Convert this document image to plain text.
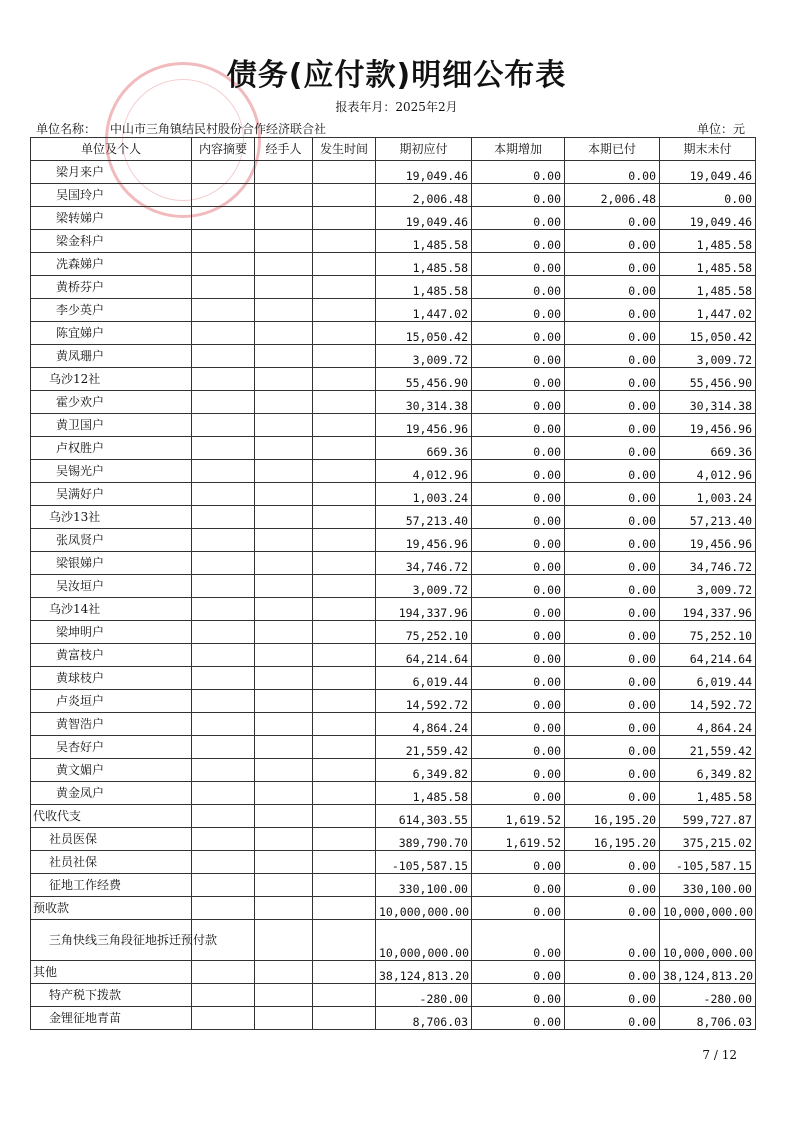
债务(应付款)明细公布表
报表年月：2025年2月
单位名称： 中山市三角镇结民村股份合作经济联合社	单位：元
单位及个人	内容摘要	经手人	发生时间	期初应付	本期增加	本期已付	期末未付
梁月来户				19,049.46	0.00	0.00	19,049.46
吴国玲户				2,006.48	0.00	2,006.48	0.00
梁转娣户				19,049.46	0.00	0.00	19,049.46
梁金科户				1,485.58	0.00	0.00	1,485.58
冼森娣户				1,485.58	0.00	0.00	1,485.58
黄桥芬户				1,485.58	0.00	0.00	1,485.58
李少英户				1,447.02	0.00	0.00	1,447.02
陈宜娣户				15,050.42	0.00	0.00	15,050.42
黄凤珊户				3,009.72	0.00	0.00	3,009.72
乌沙12社				55,456.90	0.00	0.00	55,456.90
霍少欢户				30,314.38	0.00	0.00	30,314.38
黄卫国户				19,456.96	0.00	0.00	19,456.96
卢权胜户				669.36	0.00	0.00	669.36
吴锡光户				4,012.96	0.00	0.00	4,012.96
吴满好户				1,003.24	0.00	0.00	1,003.24
乌沙13社				57,213.40	0.00	0.00	57,213.40
张凤贤户				19,456.96	0.00	0.00	19,456.96
梁银娣户				34,746.72	0.00	0.00	34,746.72
吴汝垣户				3,009.72	0.00	0.00	3,009.72
乌沙14社				194,337.96	0.00	0.00	194,337.96
梁坤明户				75,252.10	0.00	0.00	75,252.10
黄富枝户				64,214.64	0.00	0.00	64,214.64
黄球枝户				6,019.44	0.00	0.00	6,019.44
卢炎垣户				14,592.72	0.00	0.00	14,592.72
黄智浩户				4,864.24	0.00	0.00	4,864.24
吴杏好户				21,559.42	0.00	0.00	21,559.42
黄文媚户				6,349.82	0.00	0.00	6,349.82
黄金凤户				1,485.58	0.00	0.00	1,485.58
代收代支				614,303.55	1,619.52	16,195.20	599,727.87
社员医保				389,790.70	1,619.52	16,195.20	375,215.02
社员社保				-105,587.15	0.00	0.00	-105,587.15
征地工作经费				330,100.00	0.00	0.00	330,100.00
预收款				10,000,000.00	0.00	0.00	10,000,000.00
三角快线三角段征地拆迁预付款				10,000,000.00	0.00	0.00	10,000,000.00
其他				38,124,813.20	0.00	0.00	38,124,813.20
特产税下拨款				-280.00	0.00	0.00	-280.00
金锂征地青苗				8,706.03	0.00	0.00	8,706.03
7 / 12
